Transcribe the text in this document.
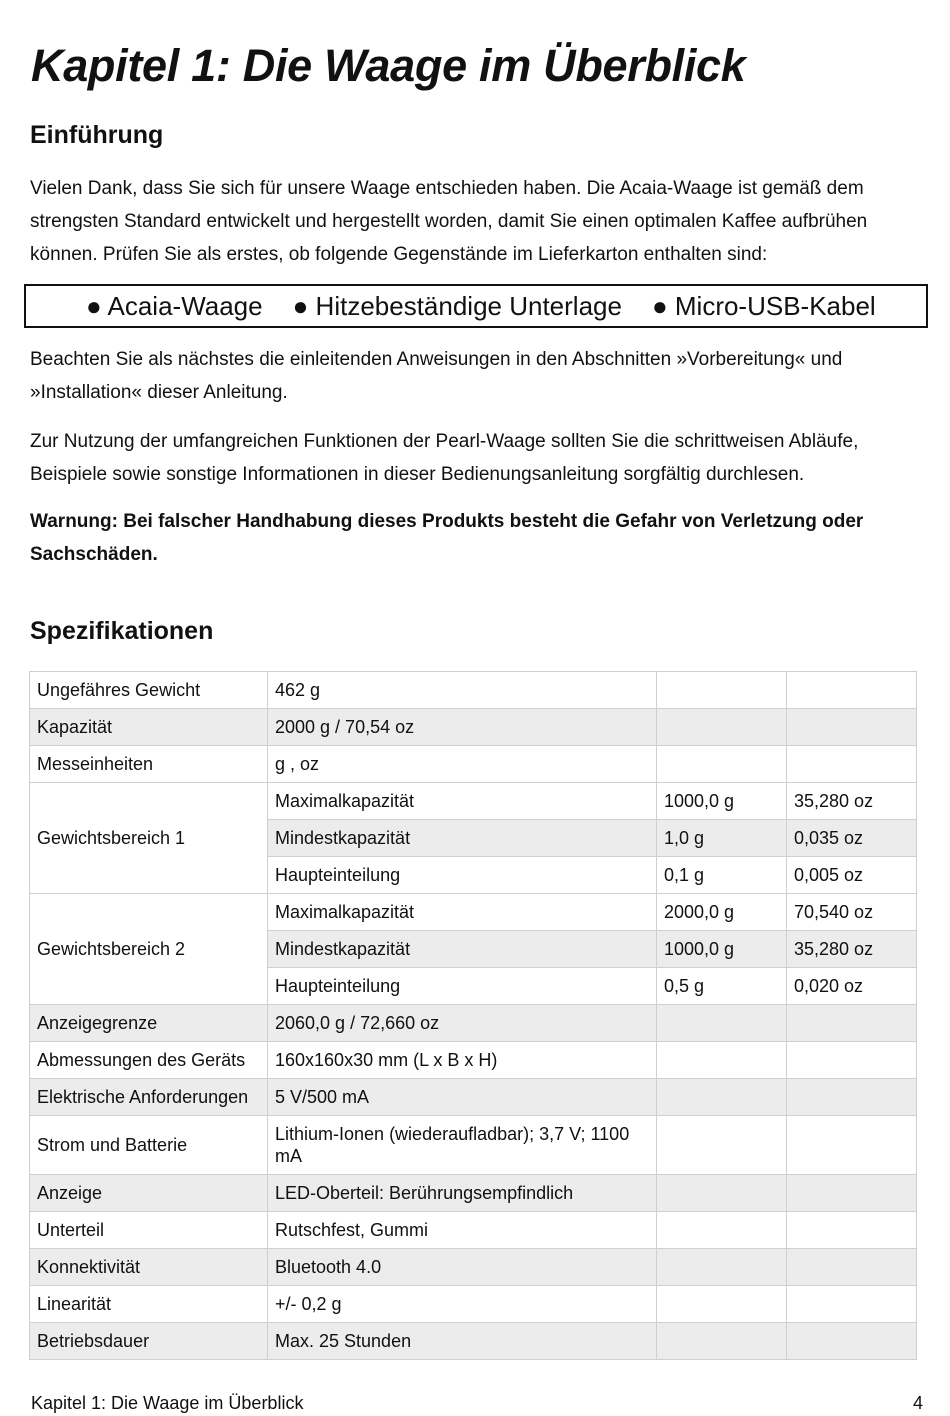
Kapitel 1: Die Waage im Überblick
Einführung

Vielen Dank, dass Sie sich für unsere Waage entschieden haben. Die Acaia-Waage ist gemäß dem strengsten Standard entwickelt und hergestellt worden, damit Sie einen optimalen Kaffee aufbrühen können. Prüfen Sie als erstes, ob folgende Gegenstände im Lieferkarton enthalten sind:

● Acaia-Waage ● Hitzebeständige Unterlage ● Micro-USB-Kabel

Beachten Sie als nächstes die einleitenden Anweisungen in den Abschnitten »Vorbereitung« und »Installation« dieser Anleitung.

Zur Nutzung der umfangreichen Funktionen der Pearl-Waage sollten Sie die schrittweisen Abläufe, Beispiele sowie sonstige Informationen in dieser Bedienungsanleitung sorgfältig durchlesen.

Warnung: Bei falscher Handhabung dieses Produkts besteht die Gefahr von Verletzung oder Sachschäden.

Spezifikationen
Ungefähres Gewicht	462 g		
Kapazität	2000 g / 70,54 oz		
Messeinheiten	g , oz		
Gewichtsbereich 1	Maximalkapazität	1000,0 g	35,280 oz
	Mindestkapazität	1,0 g	0,035 oz
	Haupteinteilung	0,1 g	0,005 oz
Gewichtsbereich 2	Maximalkapazität	2000,0 g	70,540 oz
	Mindestkapazität	1000,0 g	35,280 oz
	Haupteinteilung	0,5 g	0,020 oz
Anzeigegrenze	2060,0 g / 72,660 oz		
Abmessungen des Geräts	160x160x30 mm (L x B x H)		
Elektrische Anforderungen	5 V/500 mA		
Strom und Batterie	Lithium-Ionen (wiederaufladbar); 3,7 V; 1100 mA		
Anzeige	LED-Oberteil: Berührungsempfindlich		
Unterteil	Rutschfest, Gummi		
Konnektivität	Bluetooth 4.0		
Linearität	+/- 0,2 g		
Betriebsdauer	Max. 25 Stunden		
Kapitel 1: Die Waage im Überblick	4
